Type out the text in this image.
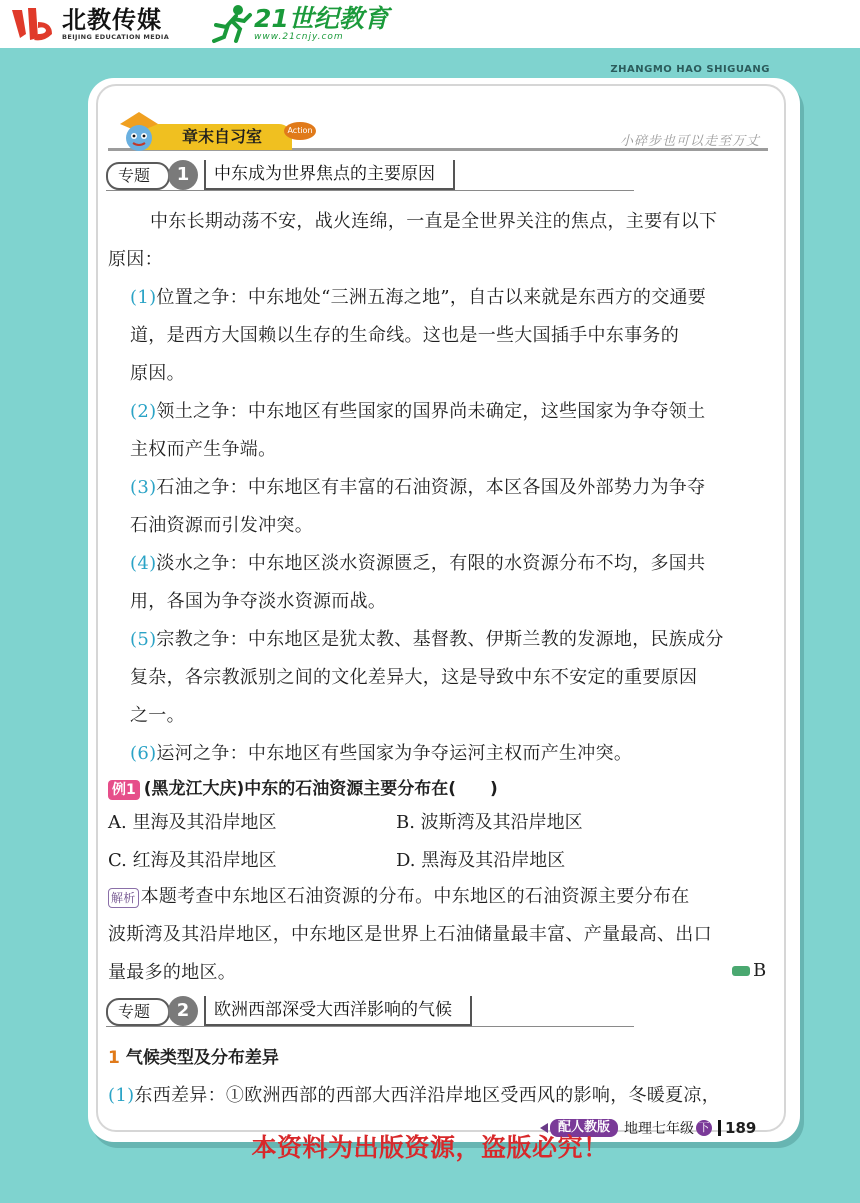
北教传媒
BEIJING EDUCATION MEDIA
21世纪教育
www.21cnjy.com
ZHANGMO HAO SHIGUANG
章末自习室	Action
小碎步也可以走至万丈
专题	1	中东成为世界焦点的主要原因
中东长期动荡不安，战火连绵，一直是全世界关注的焦点，主要有以下
原因：
(1)位置之争：中东地处“三洲五海之地”，自古以来就是东西方的交通要
道，是西方大国赖以生存的生命线。这也是一些大国插手中东事务的
原因。
(2)领土之争：中东地区有些国家的国界尚未确定，这些国家为争夺领土
主权而产生争端。
(3)石油之争：中东地区有丰富的石油资源，本区各国及外部势力为争夺
石油资源而引发冲突。
(4)淡水之争：中东地区淡水资源匮乏，有限的水资源分布不均，多国共
用，各国为争夺淡水资源而战。
(5)宗教之争：中东地区是犹太教、基督教、伊斯兰教的发源地，民族成分
复杂，各宗教派别之间的文化差异大，这是导致中东不安定的重要原因
之一。
(6)运河之争：中东地区有些国家为争夺运河主权而产生冲突。
例1 (黑龙江大庆)中东的石油资源主要分布在(　　)
A. 里海及其沿岸地区	B. 波斯湾及其沿岸地区
C. 红海及其沿岸地区	D. 黑海及其沿岸地区
解析 本题考查中东地区石油资源的分布。中东地区的石油资源主要分布在
波斯湾及其沿岸地区，中东地区是世界上石油储量最丰富、产量最高、出口
量最多的地区。	B
专题	2	欧洲西部深受大西洋影响的气候
1 气候类型及分布差异
(1)东西差异：①欧洲西部的西部大西洋沿岸地区受西风的影响，冬暖夏凉，
配人教版	地理七年级 下 189
本资料为出版资源，盗版必究！
